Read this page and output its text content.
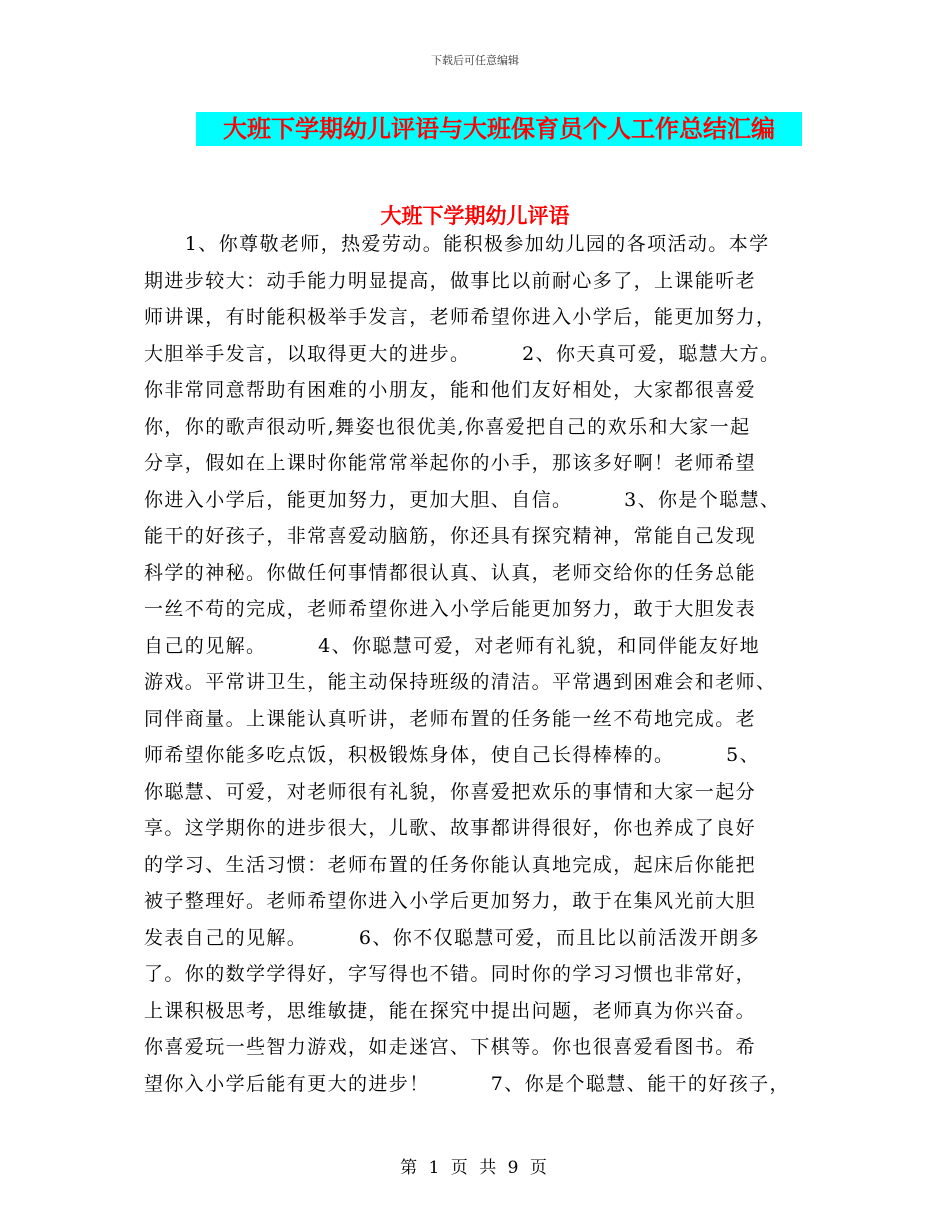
下载后可任意编辑
大班下学期幼儿评语与大班保育员个人工作总结汇编
大班下学期幼儿评语
　　1、你尊敬老师，热爱劳动。能积极参加幼儿园的各项活动。本学
期进步较大：动手能力明显提高，做事比以前耐心多了，上课能听老
师讲课，有时能积极举手发言，老师希望你进入小学后，能更加努力，
大胆举手发言，以取得更大的进步。　　　2、你天真可爱，聪慧大方。
你非常同意帮助有困难的小朋友，能和他们友好相处，大家都很喜爱
你，你的歌声很动听,舞姿也很优美,你喜爱把自己的欢乐和大家一起
分享，假如在上课时你能常常举起你的小手，那该多好啊！老师希望
你进入小学后，能更加努力，更加大胆、自信。　　　3、你是个聪慧、
能干的好孩子，非常喜爱动脑筋，你还具有探究精神，常能自己发现
科学的神秘。你做任何事情都很认真、认真，老师交给你的任务总能
一丝不苟的完成，老师希望你进入小学后能更加努力，敢于大胆发表
自己的见解。　　　4、你聪慧可爱，对老师有礼貌，和同伴能友好地
游戏。平常讲卫生，能主动保持班级的清洁。平常遇到困难会和老师、
同伴商量。上课能认真听讲，老师布置的任务能一丝不苟地完成。老
师希望你能多吃点饭，积极锻炼身体，使自己长得棒棒的。　　　5、
你聪慧、可爱，对老师很有礼貌，你喜爱把欢乐的事情和大家一起分
享。这学期你的进步很大，儿歌、故事都讲得很好，你也养成了良好
的学习、生活习惯：老师布置的任务你能认真地完成，起床后你能把
被子整理好。老师希望你进入小学后更加努力，敢于在集风光前大胆
发表自己的见解。　　　6、你不仅聪慧可爱，而且比以前活泼开朗多
了。你的数学学得好，字写得也不错。同时你的学习习惯也非常好，
上课积极思考，思维敏捷，能在探究中提出问题，老师真为你兴奋。
你喜爱玩一些智力游戏，如走迷宫、下棋等。你也很喜爱看图书。希
望你入小学后能有更大的进步！　　　7、你是个聪慧、能干的好孩子，
第 1 页 共 9 页
